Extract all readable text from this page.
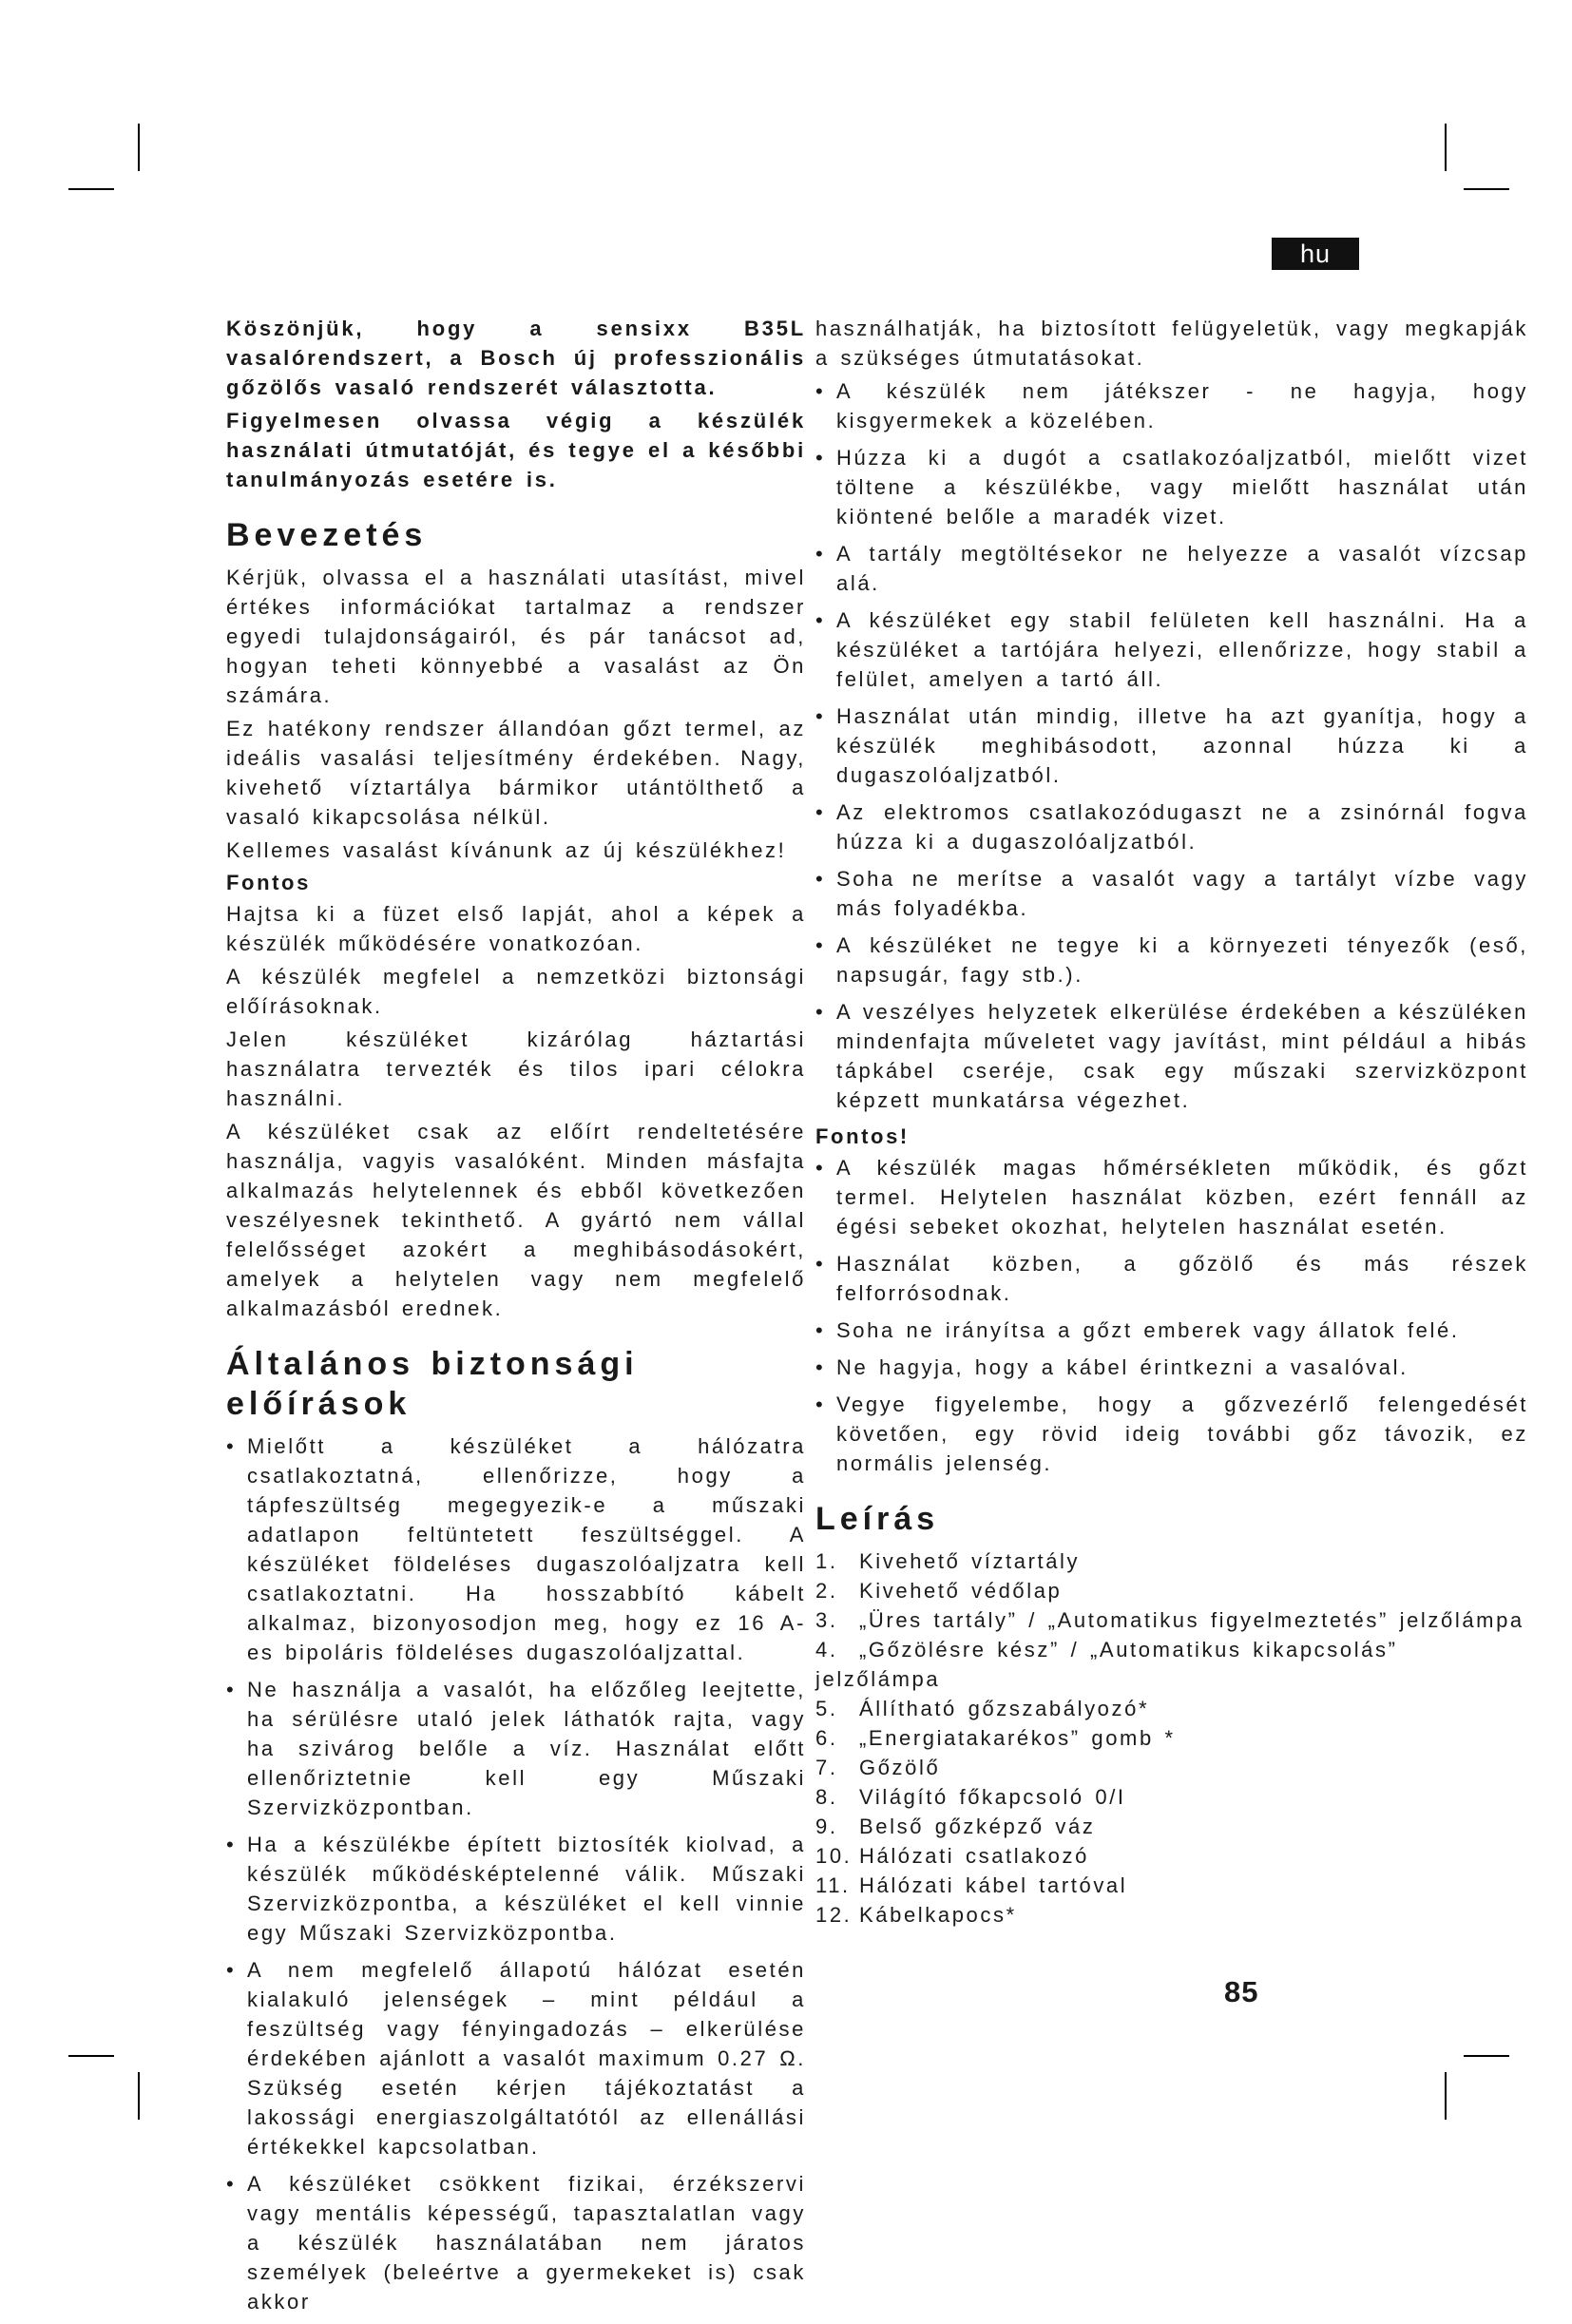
hu

Köszönjük, hogy a sensixx B35L vasalórendszert, a Bosch új professzionális gőzölős vasaló rendszerét választotta.

Figyelmesen olvassa végig a készülék használati útmutatóját, és tegye el a későbbi tanulmányozás esetére is.

Bevezetés

Kérjük, olvassa el a használati utasítást, mivel értékes információkat tartalmaz a rendszer egyedi tulajdonságairól, és pár tanácsot ad, hogyan teheti könnyebbé a vasalást az Ön számára.

Ez hatékony rendszer állandóan gőzt termel, az ideális vasalási teljesítmény érdekében. Nagy, kivehető víztartálya bármikor utántölthető a vasaló kikapcsolása nélkül.

Kellemes vasalást kívánunk az új készülékhez!

Fontos

Hajtsa ki a füzet első lapját, ahol a képek a készülék működésére vonatkozóan.

A készülék megfelel a nemzetközi biztonsági előírásoknak.

Jelen készüléket kizárólag háztartási használatra tervezték és tilos ipari célokra használni.

A készüléket csak az előírt rendeltetésére használja, vagyis vasalóként. Minden másfajta alkalmazás helytelennek és ebből következően veszélyesnek tekinthető. A gyártó nem vállal felelősséget azokért a meghibásodásokért, amelyek a helytelen vagy nem megfelelő alkalmazásból erednek.

Általános biztonsági előírások
• Mielőtt a készüléket a hálózatra csatlakoztatná, ellenőrizze, hogy a tápfeszültség megegyezik-e a műszaki adatlapon feltüntetett feszültséggel. A készüléket földeléses dugaszolóaljzatra kell csatlakoztatni. Ha hosszabbító kábelt alkalmaz, bizonyosodjon meg, hogy ez 16 A-es bipoláris földeléses dugaszolóaljzattal.
• Ne használja a vasalót, ha előzőleg leejtette, ha sérülésre utaló jelek láthatók rajta, vagy ha szivárog belőle a víz. Használat előtt ellenőriztetnie kell egy Műszaki Szervizközpontban.
• Ha a készülékbe épített biztosíték kiolvad, a készülék működésképtelenné válik. Műszaki Szervizközpontba, a készüléket el kell vinnie egy Műszaki Szervizközpontba.
• A nem megfelelő állapotú hálózat esetén kialakuló jelenségek – mint például a feszültség vagy fényingadozás – elkerülése érdekében ajánlott a vasalót maximum 0.27 Ω. Szükség esetén kérjen tájékoztatást a lakossági energiaszolgáltatótól az ellenállási értékekkel kapcsolatban.
• A készüléket csökkent fizikai, érzékszervi vagy mentális képességű, tapasztalatlan vagy a készülék használatában nem járatos személyek (beleértve a gyermekeket is) csak akkor

használhatják, ha biztosított felügyeletük, vagy megkapják a szükséges útmutatásokat.

• A készülék nem játékszer - ne hagyja, hogy kisgyermekek a közelében.
• Húzza ki a dugót a csatlakozóaljzatból, mielőtt vizet töltene a készülékbe, vagy mielőtt használat után kiöntené belőle a maradék vizet.
• A tartály megtöltésekor ne helyezze a vasalót vízcsap alá.
• A készüléket egy stabil felületen kell használni. Ha a készüléket a tartójára helyezi, ellenőrizze, hogy stabil a felület, amelyen a tartó áll.
• Használat után mindig, illetve ha azt gyanítja, hogy a készülék meghibásodott, azonnal húzza ki a dugaszolóaljzatból.
• Az elektromos csatlakozódugaszt ne a zsinórnál fogva húzza ki a dugaszolóaljzatból.
• Soha ne merítse a vasalót vagy a tartályt vízbe vagy más folyadékba.
• A készüléket ne tegye ki a környezeti tényezők (eső, napsugár, fagy stb.).
• A veszélyes helyzetek elkerülése érdekében a készüléken mindenfajta műveletet vagy javítást, mint például a hibás tápkábel cseréje, csak egy műszaki szervizközpont képzett munkatársa végezhet.
Fontos!
• A készülék magas hőmérsékleten működik, és gőzt termel. Helytelen használat közben, ezért fennáll az égési sebeket okozhat, helytelen használat esetén.
• Használat közben, a gőzölő és más részek felforrósodnak.
• Soha ne irányítsa a gőzt emberek vagy állatok felé.
• Ne hagyja, hogy a kábel érintkezni a vasalóval.
• Vegye figyelembe, hogy a gőzvezérlő felengedését követően, egy rövid ideig további gőz távozik, ez normális jelenség.
Leírás
1. Kivehető víztartály
2. Kivehető védőlap
3. „Üres tartály” / „Automatikus figyelmeztetés” jelzőlámpa
4. „Gőzölésre kész” / „Automatikus kikapcsolás” jelzőlámpa
5. Állítható gőzszabályozó*
6. „Energiatakarékos” gomb *
7. Gőzölő
8. Világító főkapcsoló 0/I
9. Belső gőzképző váz
10. Hálózati csatlakozó
11. Hálózati kábel tartóval
12. Kábelkapocs*
85
